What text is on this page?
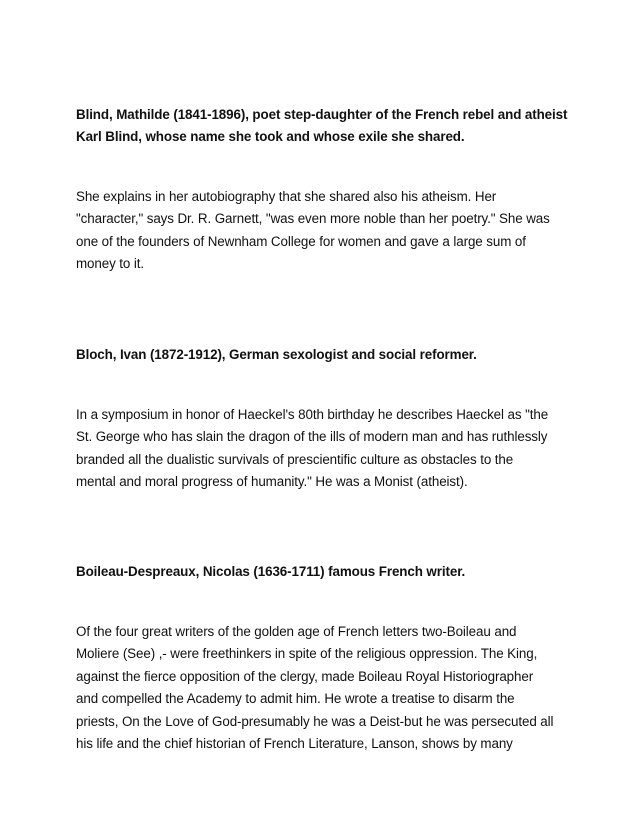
Blind, Mathilde (1841-1896), poet step-daughter of the French rebel and atheist
Karl Blind, whose name she took and whose exile she shared.
She explains in her autobiography that she shared also his atheism. Her
"character," says Dr. R. Garnett, "was even more noble than her poetry." She was
one of the founders of Newnham College for women and gave a large sum of
money to it.
Bloch, Ivan (1872-1912), German sexologist and social reformer.
In a symposium in honor of Haeckel's 80th birthday he describes Haeckel as "the
St. George who has slain the dragon of the ills of modern man and has ruthlessly
branded all the dualistic survivals of prescientific culture as obstacles to the
mental and moral progress of humanity." He was a Monist (atheist).
Boileau-Despreaux, Nicolas (1636-1711) famous French writer.
Of the four great writers of the golden age of French letters two-Boileau and
Moliere (See) ,- were freethinkers in spite of the religious oppression. The King,
against the fierce opposition of the clergy, made Boileau Royal Historiographer
and compelled the Academy to admit him. He wrote a treatise to disarm the
priests, On the Love of God-presumably he was a Deist-but he was persecuted all
his life and the chief historian of French Literature, Lanson, shows by many
